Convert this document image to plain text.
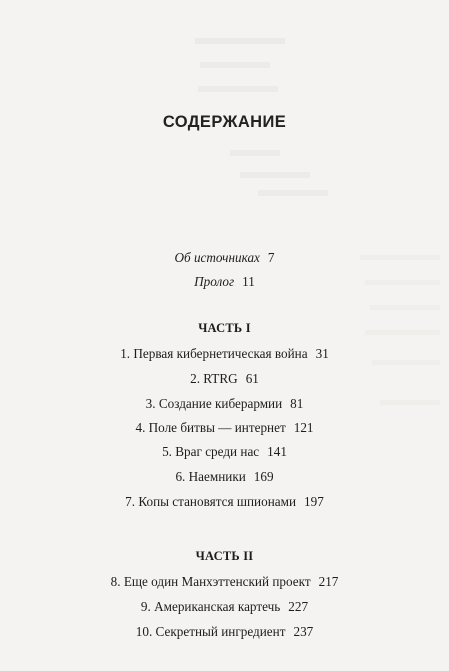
СОДЕРЖАНИЕ
Об источниках 7
Пролог 11
ЧАСТЬ I
1. Первая кибернетическая война 31
2. RTRG 61
3. Создание киберармии 81
4. Поле битвы — интернет 121
5. Враг среди нас 141
6. Наемники 169
7. Копы становятся шпионами 197
ЧАСТЬ II
8. Еще один Манхэттенский проект 217
9. Американская картечь 227
10. Секретный ингредиент 237
